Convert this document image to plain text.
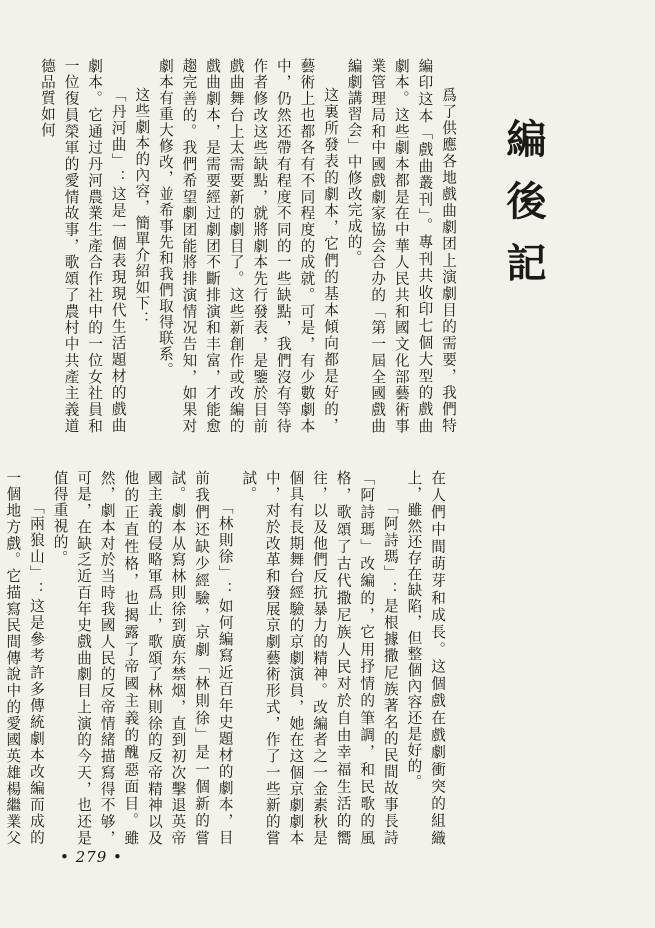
編後記

爲了供應各地戲曲劇团上演劇目的需要，我們特編印这本「戲曲叢刊」。專刊共收印七個大型的戲曲劇本。这些劇本都是在中華人民共和國文化部藝術事業管理局和中國戲劇家協会合办的「第一屆全國戲曲編劇講習会」中修改完成的。

这裏所發表的劇本，它們的基本傾向都是好的，藝術上也都各有不同程度的成就。可是，有少數劇本中，仍然还帶有程度不同的一些缺點，我們沒有等待作者修改这些缺點，就將劇本先行發表，是鑒於目前戲曲舞台上太需要新的劇目了。这些新創作或改編的戲曲劇本，是需要經过劇团不斷排演和丰富，才能愈趨完善的。我們希望劇团能將排演情况告知，如果对劇本有重大修改，並希事先和我們取得联系。

这些劇本的內容，簡單介紹如下：

「丹河曲」：这是一個表現現代生活題材的戲曲劇本。它通过丹河農業生產合作社中的一位女社員和一位復員榮軍的愛情故事，歌頌了農村中共產主義道德品質如何

在人們中間萌芽和成長。这個戲在戲劇衝突的組織上，雖然还存在缺陷，但整個內容还是好的。

「阿詩瑪」：是根據撒尼族著名的民間故事長詩「阿詩瑪」改編的，它用抒情的筆調，和民歌的風格，歌頌了古代撒尼族人民对於自由幸福生活的嚮往，以及他們反抗暴力的精神。改編者之一金素秋是個具有長期舞台經驗的京劇演員，她在这個京劇劇本中，对於改革和發展京劇藝術形式，作了一些新的嘗試。

「林則徐」：如何編寫近百年史題材的劇本，目前我們还缺少經驗，京劇「林則徐」是一個新的嘗試。劇本从寫林則徐到廣东禁烟，直到初次擊退英帝國主義的侵略軍爲止，歌頌了林則徐的反帝精神以及他的正直性格，也揭露了帝國主義的醜惡面目。雖然，劇本对於当時我國人民的反帝情緒描寫得不够，可是，在缺乏近百年史戲曲劇目上演的今天，也还是值得重視的。

「兩狼山」：这是參考許多傳統劇本改編而成的一個地方戲。它描寫民間傳說中的愛國英雄楊繼業父

• 279 •
